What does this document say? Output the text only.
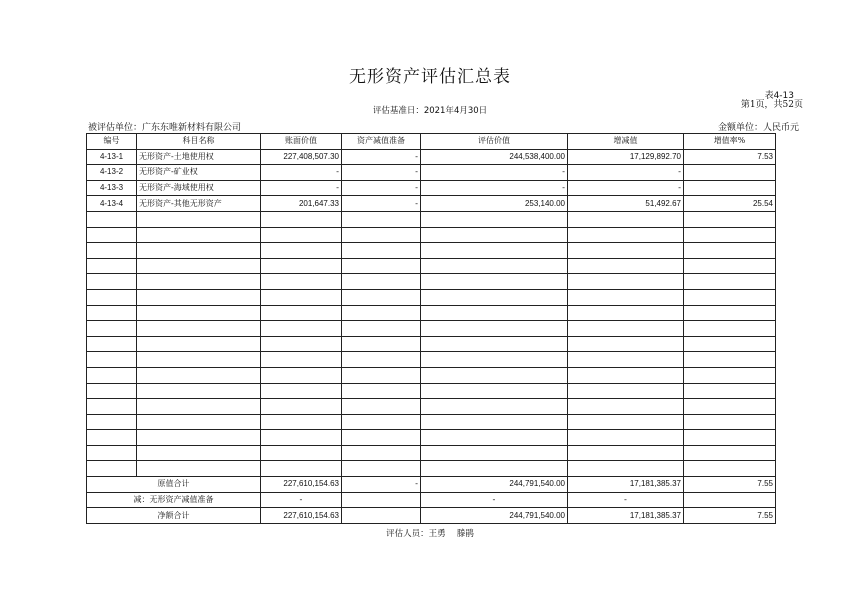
无形资产评估汇总表
表4-13
第1页，共52页
评估基准日：2021年4月30日
被评估单位：广东东唯新材料有限公司	金额单位：人民币元
编号	科目名称	账面价值	资产减值准备	评估价值	增减值	增值率%
4-13-1	无形资产-土地使用权	227,408,507.30	-	244,538,400.00	17,129,892.70	7.53
4-13-2	无形资产-矿业权	-	-	-	-	
4-13-3	无形资产-海域使用权	-	-	-	-	
4-13-4	无形资产-其他无形资产	201,647.33	-	253,140.00	51,492.67	25.54

原值合计		227,610,154.63	-	244,791,540.00	17,181,385.37	7.55
减：无形资产减值准备		-		-	-	
净额合计		227,610,154.63		244,791,540.00	17,181,385.37	7.55
评估人员：王勇　 滕鹃
